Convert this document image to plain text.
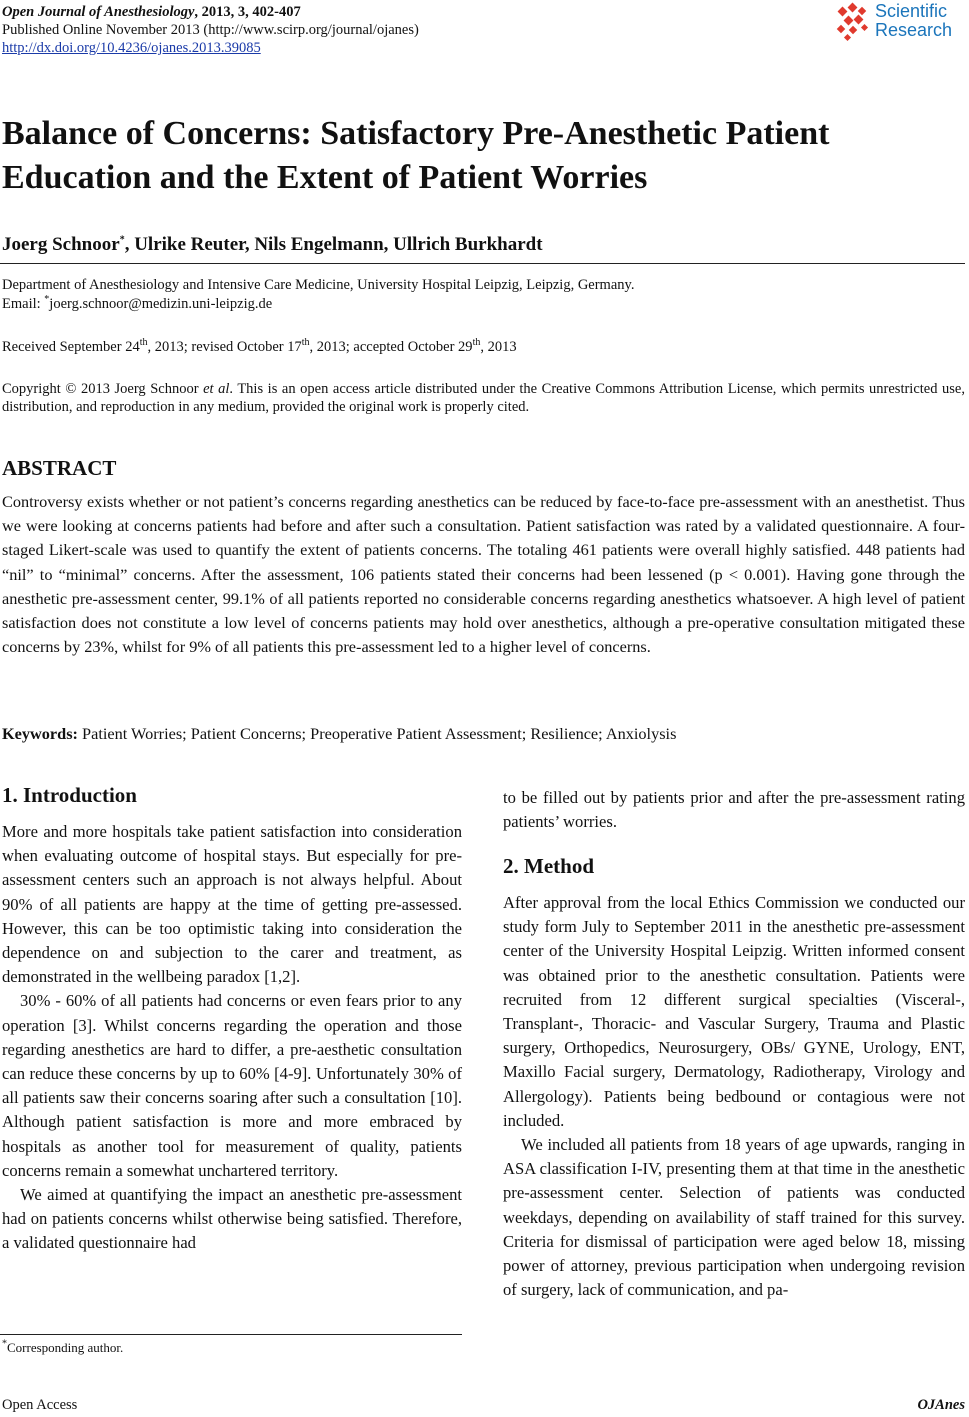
Open Journal of Anesthesiology, 2013, 3, 402-407
Published Online November 2013 (http://www.scirp.org/journal/ojanes)
http://dx.doi.org/10.4236/ojanes.2013.39085
Scientific
Research
Balance of Concerns: Satisfactory Pre-Anesthetic Patient Education and the Extent of Patient Worries
Joerg Schnoor*, Ulrike Reuter, Nils Engelmann, Ullrich Burkhardt
Department of Anesthesiology and Intensive Care Medicine, University Hospital Leipzig, Leipzig, Germany.
Email: *joerg.schnoor@medizin.uni-leipzig.de
Received September 24th, 2013; revised October 17th, 2013; accepted October 29th, 2013
Copyright © 2013 Joerg Schnoor et al. This is an open access article distributed under the Creative Commons Attribution License, which permits unrestricted use, distribution, and reproduction in any medium, provided the original work is properly cited.
ABSTRACT
Controversy exists whether or not patient’s concerns regarding anesthetics can be reduced by face-to-face pre-assessment with an anesthetist. Thus we were looking at concerns patients had before and after such a consultation. Patient satisfaction was rated by a validated questionnaire. A four-staged Likert-scale was used to quantify the extent of patients concerns. The totaling 461 patients were overall highly satisfied. 448 patients had “nil” to “minimal” concerns. After the assessment, 106 patients stated their concerns had been lessened (p < 0.001). Having gone through the anesthetic pre-assessment center, 99.1% of all patients reported no considerable concerns regarding anesthetics whatsoever. A high level of patient satisfaction does not constitute a low level of concerns patients may hold over anesthetics, although a pre-operative consultation mitigated these concerns by 23%, whilst for 9% of all patients this pre-assessment led to a higher level of concerns.
Keywords: Patient Worries; Patient Concerns; Preoperative Patient Assessment; Resilience; Anxiolysis
1. Introduction

More and more hospitals take patient satisfaction into consideration when evaluating outcome of hospital stays. But especially for pre-assessment centers such an approach is not always helpful. About 90% of all patients are happy at the time of getting pre-assessed. However, this can be too optimistic taking into consideration the dependence on and subjection to the carer and treatment, as demonstrated in the wellbeing paradox [1,2].

30% - 60% of all patients had concerns or even fears prior to any operation [3]. Whilst concerns regarding the operation and those regarding anesthetics are hard to differ, a pre-aesthetic consultation can reduce these concerns by up to 60% [4-9]. Unfortunately 30% of all patients saw their concerns soaring after such a consultation [10]. Although patient satisfaction is more and more embraced by hospitals as another tool for measurement of quality, patients concerns remain a somewhat unchartered territory.

We aimed at quantifying the impact an anesthetic pre-assessment had on patients concerns whilst otherwise being satisfied. Therefore, a validated questionnaire had

to be filled out by patients prior and after the pre-assessment rating patients’ worries.
2. Method

After approval from the local Ethics Commission we conducted our study form July to September 2011 in the anesthetic pre-assessment center of the University Hospital Leipzig. Written informed consent was obtained prior to the anesthetic consultation. Patients were recruited from 12 different surgical specialties (Visceral-, Transplant-, Thoracic- and Vascular Surgery, Trauma and Plastic surgery, Orthopedics, Neurosurgery, OBs/ GYNE, Urology, ENT, Maxillo Facial surgery, Dermatology, Radiotherapy, Virology and Allergology). Patients being bedbound or contagious were not included.

We included all patients from 18 years of age upwards, ranging in ASA classification I-IV, presenting them at that time in the anesthetic pre-assessment center. Selection of patients was conducted weekdays, depending on availability of staff trained for this survey. Criteria for dismissal of participation were aged below 18, missing power of attorney, previous participation when undergoing revision of surgery, lack of communication, and pa-

*Corresponding author.
Open Access	OJAnes
